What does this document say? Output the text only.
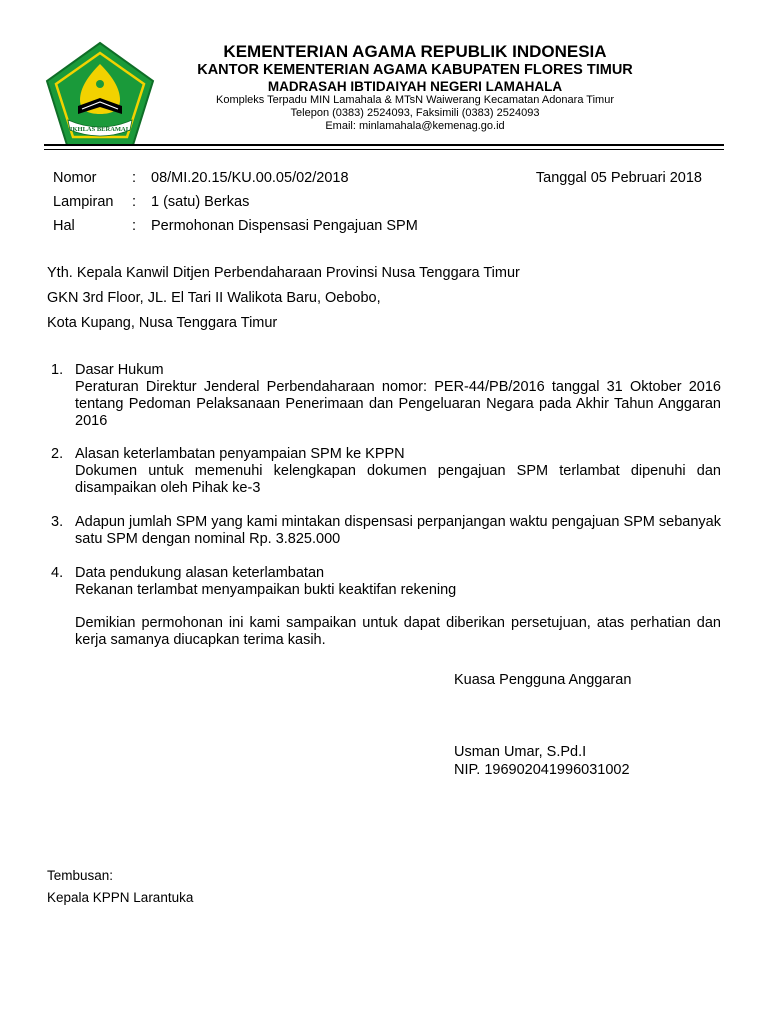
IKHLAS BERAMAL
KEMENTERIAN AGAMA REPUBLIK INDONESIA
KANTOR KEMENTERIAN AGAMA KABUPATEN FLORES TIMUR
MADRASAH IBTIDAIYAH NEGERI LAMAHALA
Kompleks Terpadu MIN Lamahala & MTsN Waiwerang Kecamatan Adonara Timur
Telepon (0383) 2524093, Faksimili (0383) 2524093
Email: minlamahala@kemenag.go.id
Nomor : 08/MI.20.15/KU.00.05/02/2018
Lampiran : 1 (satu) Berkas
Hal	: Permohonan Dispensasi Pengajuan SPM
Tanggal 05 Pebruari 2018
Yth. Kepala Kanwil Ditjen Perbendaharaan Provinsi Nusa Tenggara Timur
GKN 3rd Floor, JL. El Tari II Walikota Baru, Oebobo,
Kota Kupang, Nusa Tenggara Timur
1. Dasar Hukum
Peraturan Direktur Jenderal Perbendaharaan nomor: PER-44/PB/2016 tanggal 31 Oktober 2016 tentang Pedoman Pelaksanaan Penerimaan dan Pengeluaran Negara pada Akhir Tahun Anggaran 2016
2. Alasan keterlambatan penyampaian SPM ke KPPN
Dokumen untuk memenuhi kelengkapan dokumen pengajuan SPM terlambat dipenuhi dan disampaikan oleh Pihak ke-3
3. Adapun jumlah SPM yang kami mintakan dispensasi perpanjangan waktu pengajuan SPM sebanyak satu SPM dengan nominal Rp. 3.825.000
4. Data pendukung alasan keterlambatan
Rekanan terlambat menyampaikan bukti keaktifan rekening
Demikian permohonan ini kami sampaikan untuk dapat diberikan persetujuan, atas perhatian dan kerja samanya diucapkan terima kasih.
Kuasa Pengguna Anggaran
Usman Umar, S.Pd.I
NIP. 196902041996031002
Tembusan:
Kepala KPPN Larantuka
